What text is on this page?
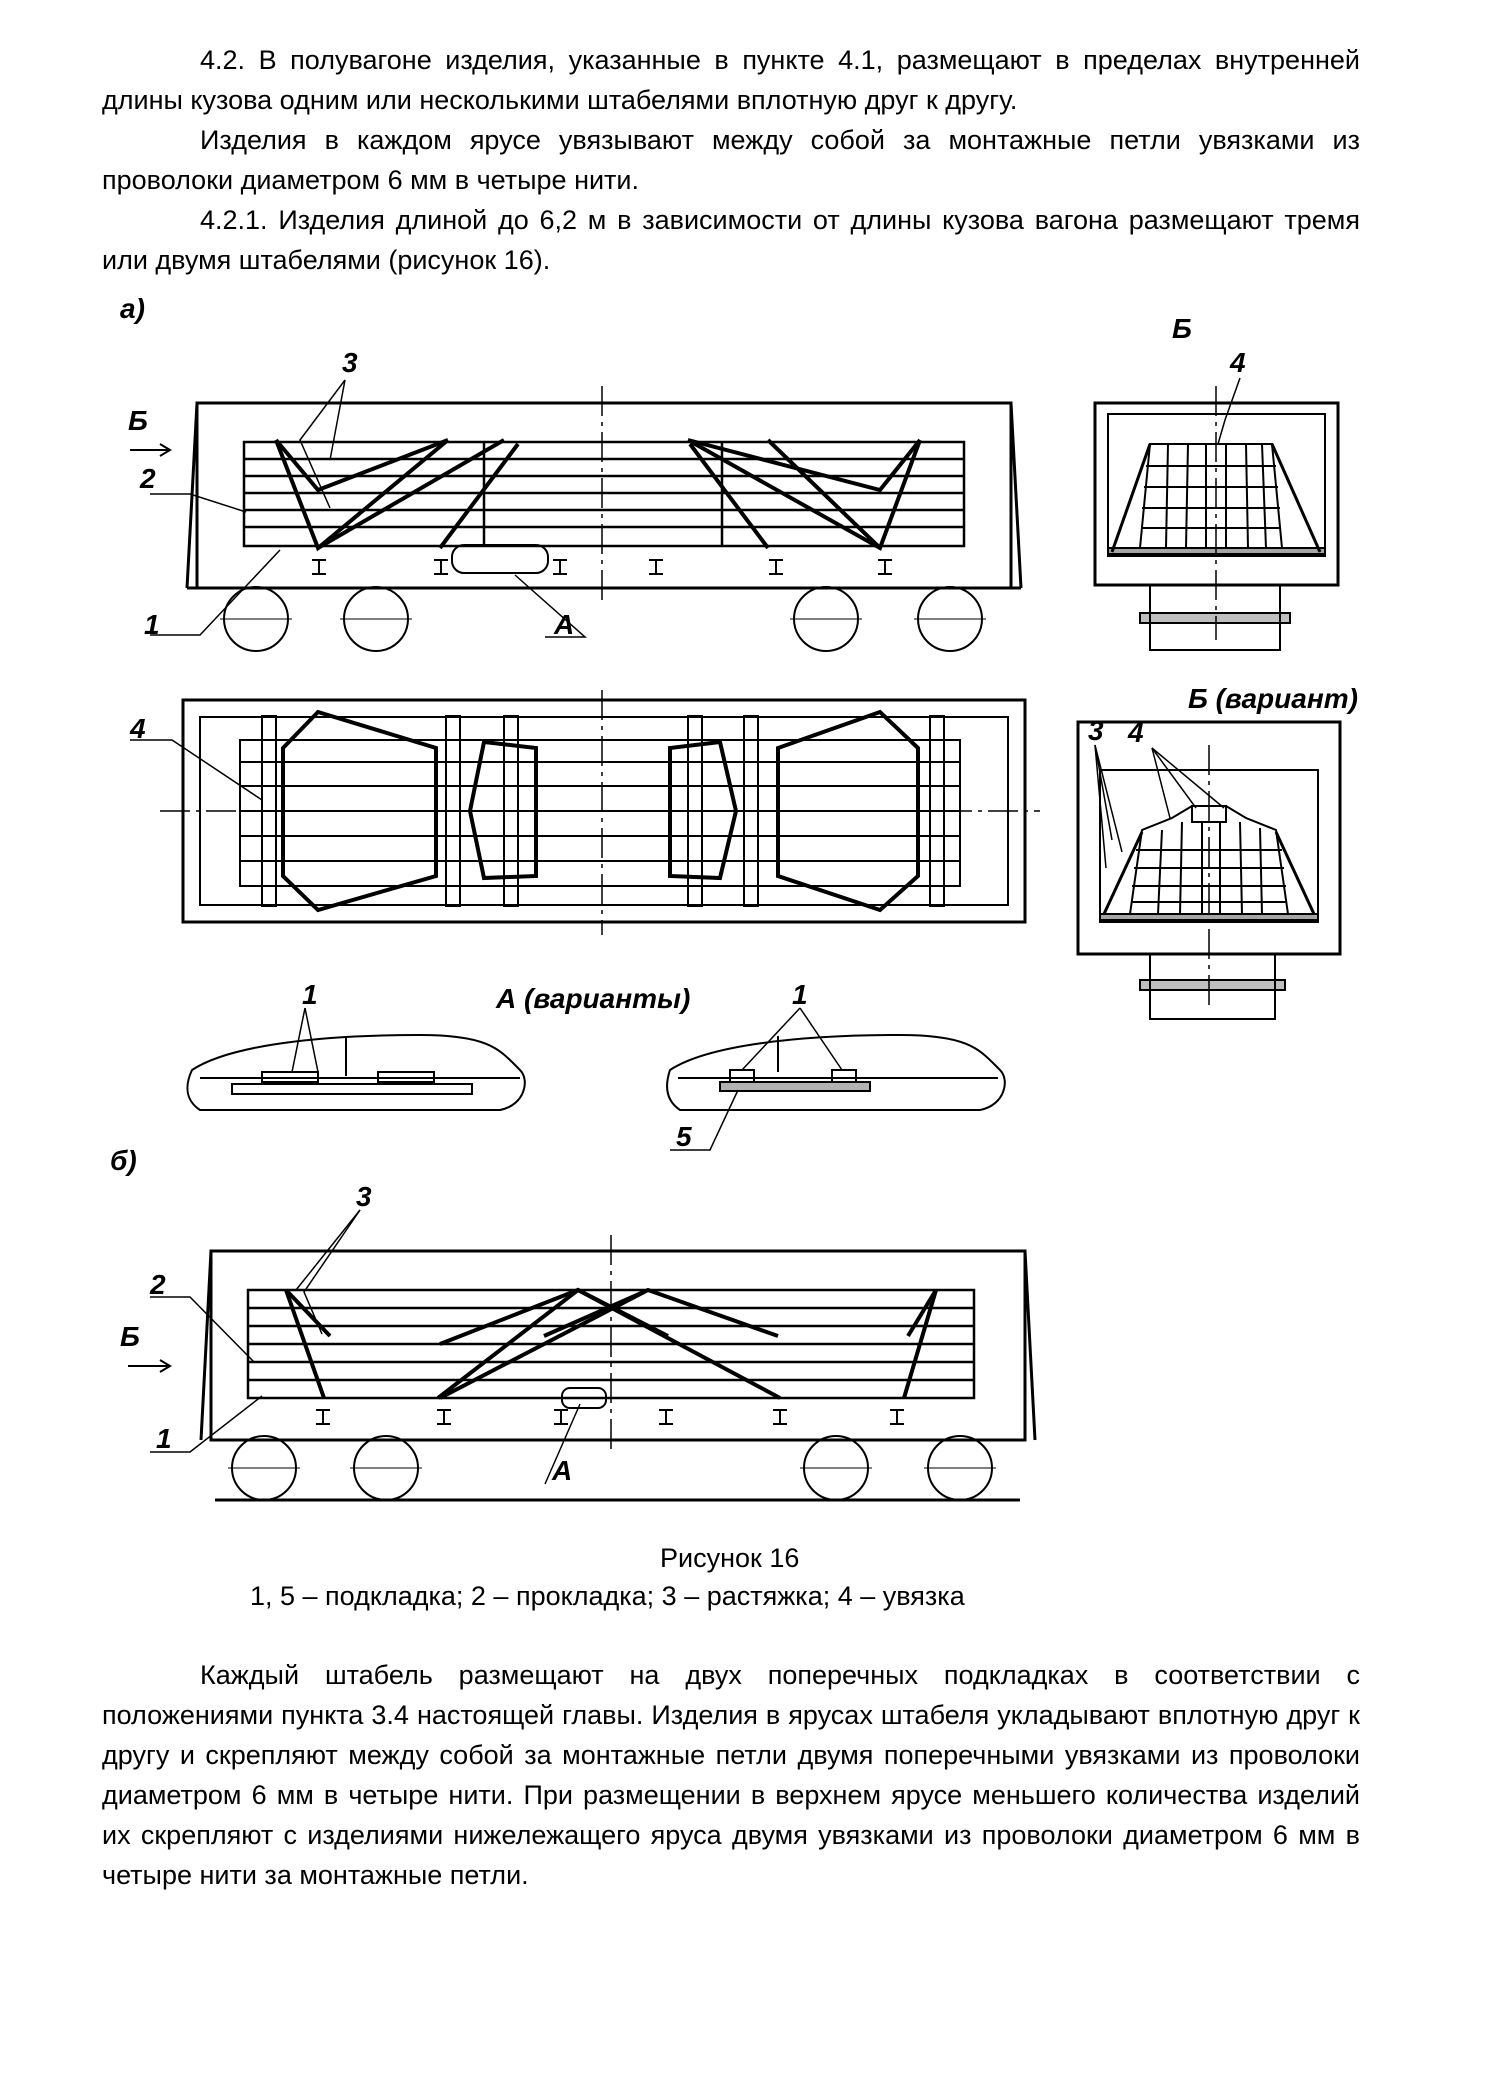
4.2. В полувагоне изделия, указанные в пункте 4.1, размещают в пределах внутренней длины кузова одним или несколькими штабелями вплотную друг к другу.

Изделия в каждом ярусе увязывают между собой за монтажные петли увязками из проволоки диаметром 6 мм в четыре нити.

4.2.1. Изделия длиной до 6,2 м в зависимости от длины кузова вагона размещают тремя или двумя штабелями (рисунок 16).

а)
3
Б
2
1	А
4
Б
4
Б (вариант)
3 4
1	А (варианты)	1
5
б)
3
2
Б
1
А
Рисунок 16
1, 5 – подкладка; 2 – прокладка; 3 – растяжка; 4 – увязка

Каждый штабель размещают на двух поперечных подкладках в соответствии с положениями пункта 3.4 настоящей главы. Изделия в ярусах штабеля укладывают вплотную друг к другу и скрепляют между собой за монтажные петли двумя поперечными увязками из проволоки диаметром 6 мм в четыре нити. При размещении в верхнем ярусе меньшего количества изделий их скрепляют с изделиями нижележащего яруса двумя увязками из проволоки диаметром 6 мм в четыре нити за монтажные петли.
